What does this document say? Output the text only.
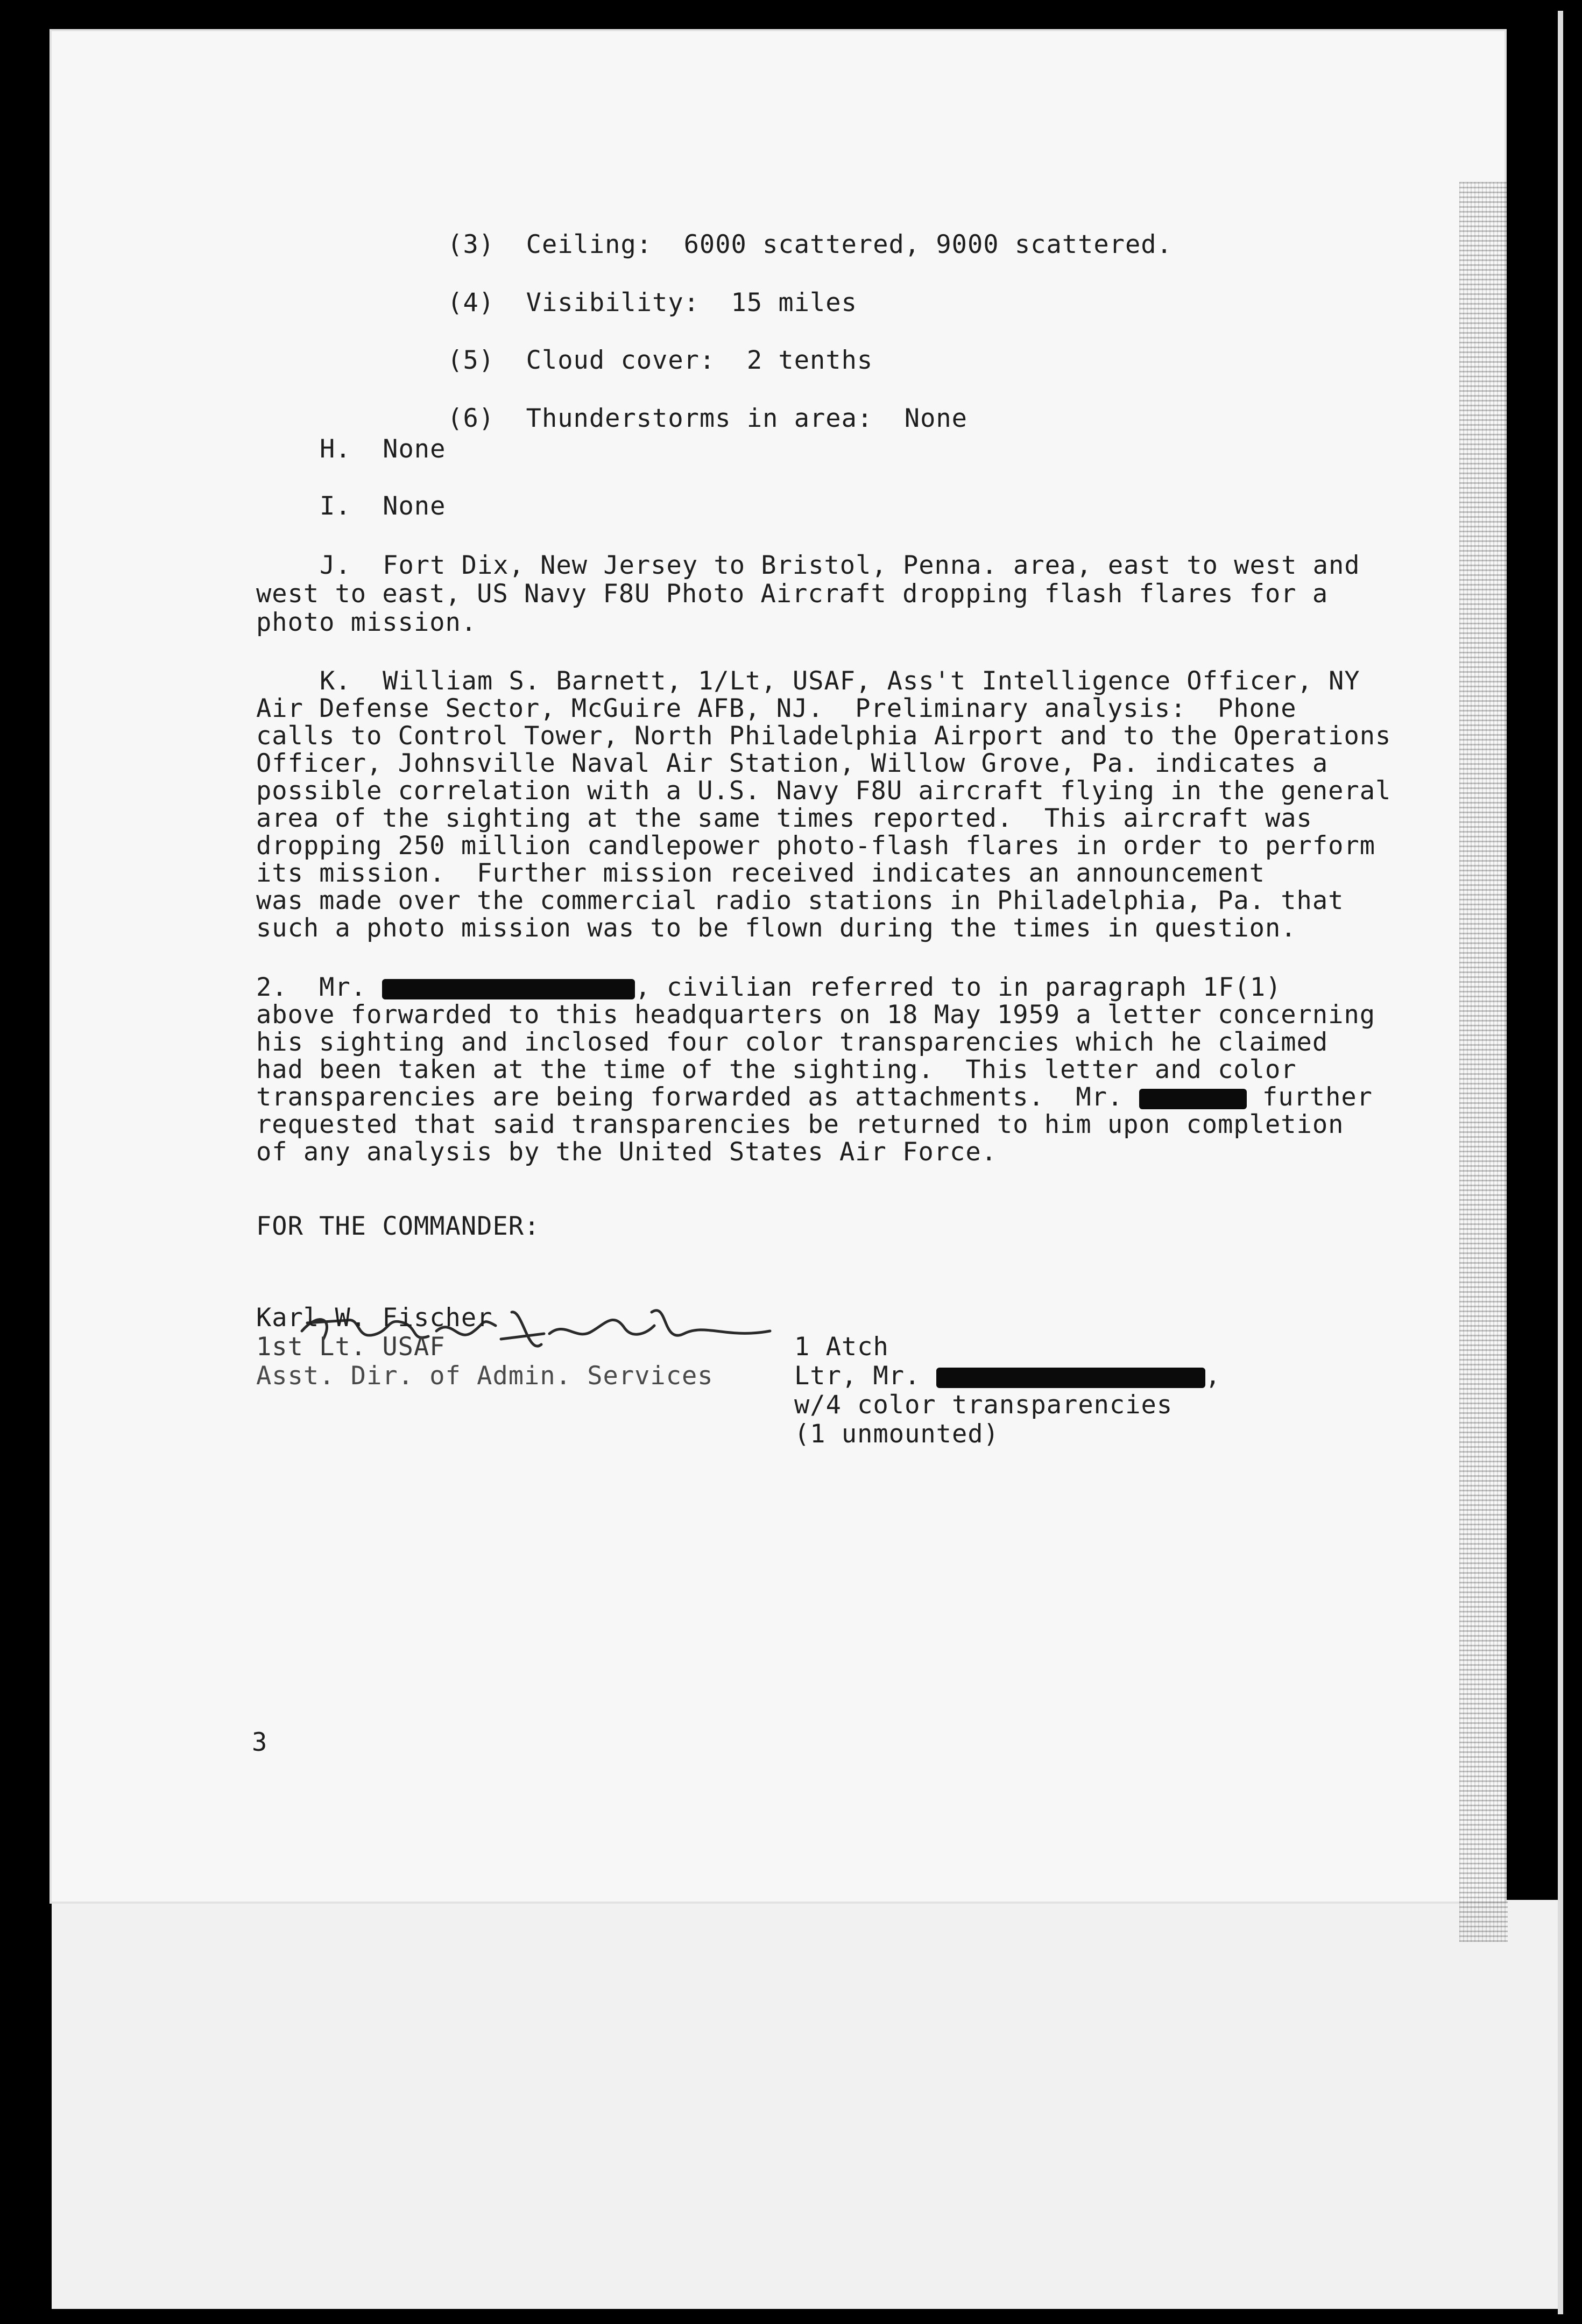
(3) Ceiling: 6000 scattered, 9000 scattered.

(4) Visibility: 15 miles

(5) Cloud cover: 2 tenths

(6) Thunderstorms in area: None

H.  None
I.  None
J.  Fort Dix, New Jersey to Bristol, Penna. area, east to west and
west to east, US Navy F8U Photo Aircraft dropping flash flares for a
photo mission.
K.  William S. Barnett, 1/Lt, USAF, Ass't Intelligence Officer, NY
Air Defense Sector, McGuire AFB, NJ.  Preliminary analysis:  Phone
calls to Control Tower, North Philadelphia Airport and to the Operations
Officer, Johnsville Naval Air Station, Willow Grove, Pa. indicates a
possible correlation with a U.S. Navy F8U aircraft flying in the general
area of the sighting at the same times reported.  This aircraft was
dropping 250 million candlepower photo-flash flares in order to perform
its mission.  Further mission received indicates an announcement
was made over the commercial radio stations in Philadelphia, Pa. that
such a photo mission was to be flown during the times in question.
2.  Mr.	, civilian referred to in paragraph 1F(1)
above forwarded to this headquarters on 18 May 1959 a letter concerning
his sighting and inclosed four color transparencies which he claimed
had been taken at the time of the sighting.  This letter and color
transparencies are being forwarded as attachments.  Mr.	further
requested that said transparencies be returned to him upon completion
of any analysis by the United States Air Force.
FOR THE COMMANDER:
Karl W. Fischer
1st Lt. USAF
Asst. Dir. of Admin. Services
1 Atch
Ltr, Mr.	,
w/4 color transparencies
(1 unmounted)
3
